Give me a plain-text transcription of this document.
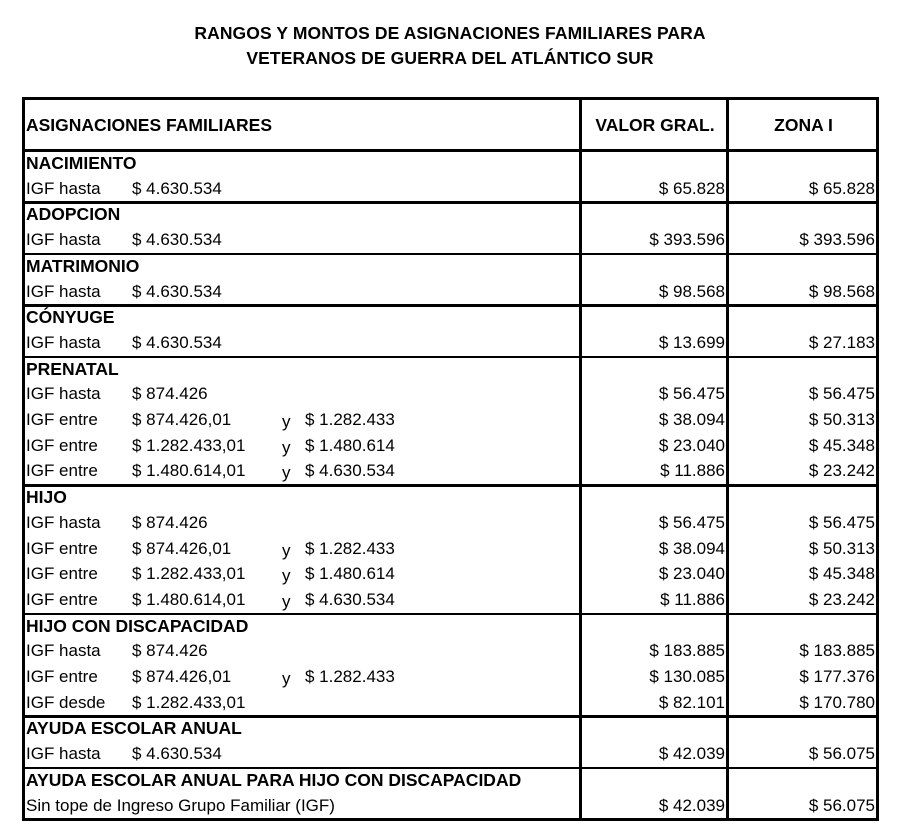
RANGOS Y MONTOS DE ASIGNACIONES FAMILIARES PARA
VETERANOS DE GUERRA DEL ATLÁNTICO SUR
ASIGNACIONES FAMILIARES	VALOR GRAL.	ZONA I
NACIMIENTO
IGF hasta $ 4.630.534	$ 65.828	$ 65.828
ADOPCION
IGF hasta $ 4.630.534	$ 393.596	$ 393.596
MATRIMONIO
IGF hasta $ 4.630.534	$ 98.568	$ 98.568
CÓNYUGE
IGF hasta $ 4.630.534	$ 13.699	$ 27.183
PRENATAL
IGF hasta $ 874.426	$ 56.475	$ 56.475
IGF entre $ 874.426,01	y $ 1.282.433	$ 38.094	$ 50.313
IGF entre $ 1.282.433,01 y $ 1.480.614	$ 23.040	$ 45.348
IGF entre $ 1.480.614,01 y $ 4.630.534	$ 11.886	$ 23.242
HIJO
IGF hasta $ 874.426	$ 56.475	$ 56.475
IGF entre $ 874.426,01	y $ 1.282.433	$ 38.094	$ 50.313
IGF entre $ 1.282.433,01 y $ 1.480.614	$ 23.040	$ 45.348
IGF entre $ 1.480.614,01 y $ 4.630.534	$ 11.886	$ 23.242
HIJO CON DISCAPACIDAD
IGF hasta $ 874.426	$ 183.885	$ 183.885
IGF entre $ 874.426,01	y $ 1.282.433	$ 130.085	$ 177.376
IGF desde $ 1.282.433,01	$ 82.101	$ 170.780
AYUDA ESCOLAR ANUAL
IGF hasta $ 4.630.534	$ 42.039	$ 56.075
AYUDA ESCOLAR ANUAL PARA HIJO CON DISCAPACIDAD
Sin tope de Ingreso Grupo Familiar (IGF)	$ 42.039	$ 56.075
